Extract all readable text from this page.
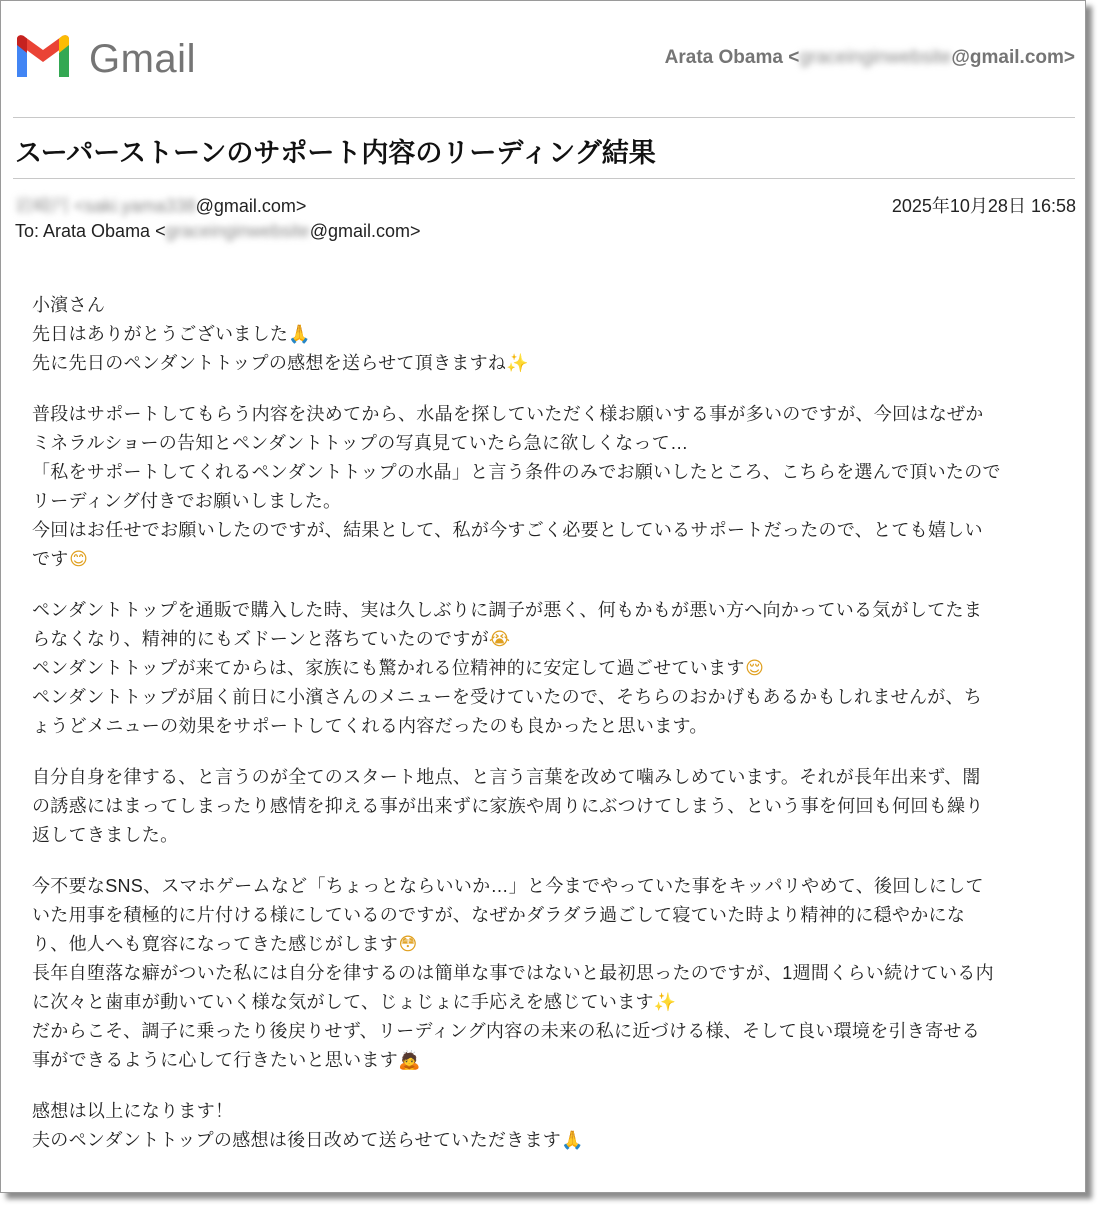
Gmail	Arata Obama <graceinginwebsite@gmail.com>
スーパーストーンのサポート内容のリーディング結果
岩崎円 <saki.yama338@gmail.com>
To: Arata Obama <graceinginwebsite@gmail.com>
2025年10月28日 16:58
小濱さん
先日はありがとうございました🙏
先に先日のペンダントトップの感想を送らせて頂きますね✨
普段はサポートしてもらう内容を決めてから、水晶を探していただく様お願いする事が多いのですが、今回はなぜか
ミネラルショーの告知とペンダントトップの写真見ていたら急に欲しくなって…
「私をサポートしてくれるペンダントトップの水晶」と言う条件のみでお願いしたところ、こちらを選んで頂いたので
リーディング付きでお願いしました。
今回はお任せでお願いしたのですが、結果として、私が今すごく必要としているサポートだったので、とても嬉しい
です😊
ペンダントトップを通販で購入した時、実は久しぶりに調子が悪く、何もかもが悪い方へ向かっている気がしてたま
らなくなり、精神的にもズドーンと落ちていたのですが😭
ペンダントトップが来てからは、家族にも驚かれる位精神的に安定して過ごせています😌
ペンダントトップが届く前日に小濱さんのメニューを受けていたので、そちらのおかげもあるかもしれませんが、ち
ょうどメニューの効果をサポートしてくれる内容だったのも良かったと思います。
自分自身を律する、と言うのが全てのスタート地点、と言う言葉を改めて噛みしめています。それが長年出来ず、闇
の誘惑にはまってしまったり感情を抑える事が出来ずに家族や周りにぶつけてしまう、という事を何回も何回も繰り
返してきました。
今不要なSNS、スマホゲームなど「ちょっとならいいか…」と今までやっていた事をキッパリやめて、後回しにして
いた用事を積極的に片付ける様にしているのですが、なぜかダラダラ過ごして寝ていた時より精神的に穏やかにな
り、他人へも寛容になってきた感じがします😳
長年自堕落な癖がついた私には自分を律するのは簡単な事ではないと最初思ったのですが、1週間くらい続けている内
に次々と歯車が動いていく様な気がして、じょじょに手応えを感じています✨
だからこそ、調子に乗ったり後戻りせず、リーディング内容の未来の私に近づける様、そして良い環境を引き寄せる
事ができるように心して行きたいと思います🙇
感想は以上になります！
夫のペンダントトップの感想は後日改めて送らせていただきます🙏
